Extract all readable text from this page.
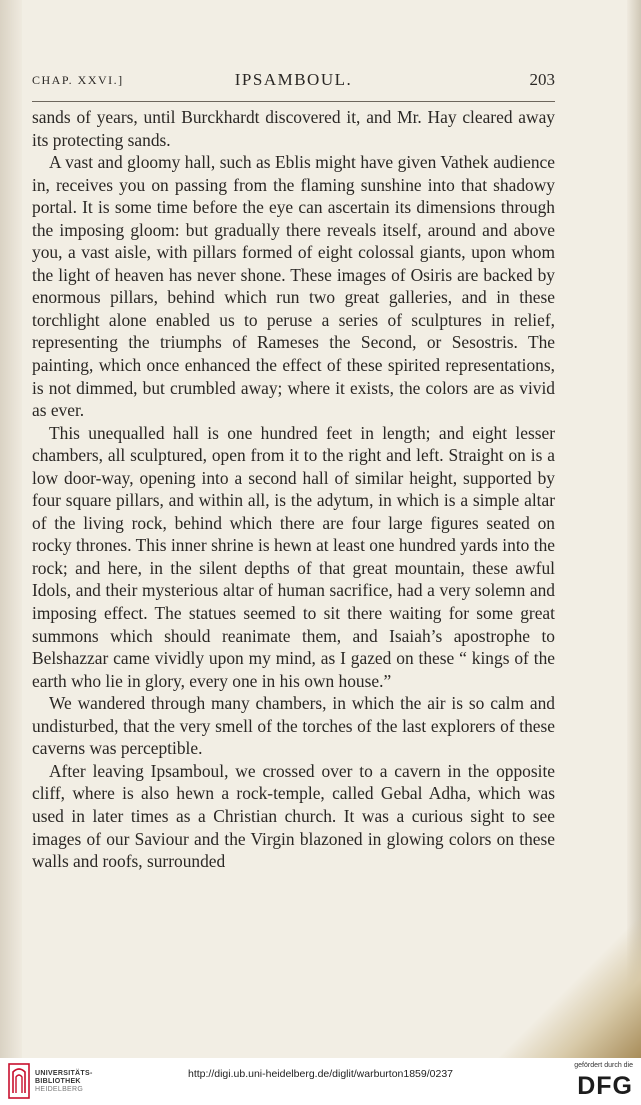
CHAP. XXVI.]	IPSAMBOUL.	203

sands of years, until Burckhardt discovered it, and Mr. Hay cleared away its protecting sands.

A vast and gloomy hall, such as Eblis might have given Vathek audience in, receives you on passing from the flaming sunshine into that shadowy portal. It is some time before the eye can ascertain its dimensions through the imposing gloom: but gradually there reveals itself, around and above you, a vast aisle, with pillars formed of eight colossal giants, upon whom the light of heaven has never shone. These images of Osiris are backed by enormous pillars, behind which run two great galleries, and in these torchlight alone enabled us to peruse a series of sculptures in relief, representing the triumphs of Rameses the Second, or Sesostris. The painting, which once enhanced the effect of these spirited representations, is not dimmed, but crumbled away; where it exists, the colors are as vivid as ever.

This unequalled hall is one hundred feet in length; and eight lesser chambers, all sculptured, open from it to the right and left. Straight on is a low door-way, opening into a second hall of similar height, supported by four square pillars, and within all, is the adytum, in which is a simple altar of the living rock, behind which there are four large figures seated on rocky thrones. This inner shrine is hewn at least one hundred yards into the rock; and here, in the silent depths of that great mountain, these awful Idols, and their mysterious altar of human sacrifice, had a very solemn and imposing effect. The statues seemed to sit there waiting for some great summons which should reanimate them, and Isaiah’s apostrophe to Belshazzar came vividly upon my mind, as I gazed on these “ kings of the earth who lie in glory, every one in his own house.”

We wandered through many chambers, in which the air is so calm and undisturbed, that the very smell of the torches of the last explorers of these caverns was perceptible.

After leaving Ipsamboul, we crossed over to a cavern in the opposite cliff, where is also hewn a rock-temple, called Gebal Adha, which was used in later times as a Christian church. It was a curious sight to see images of our Saviour and the Virgin blazoned in glowing colors on these walls and roofs, surrounded

UNIVERSITÄTS-
BIBLIOTHEK
HEIDELBERG
http://digi.ub.uni-heidelberg.de/diglit/warburton1859/0237
gefördert durch die
DFG
